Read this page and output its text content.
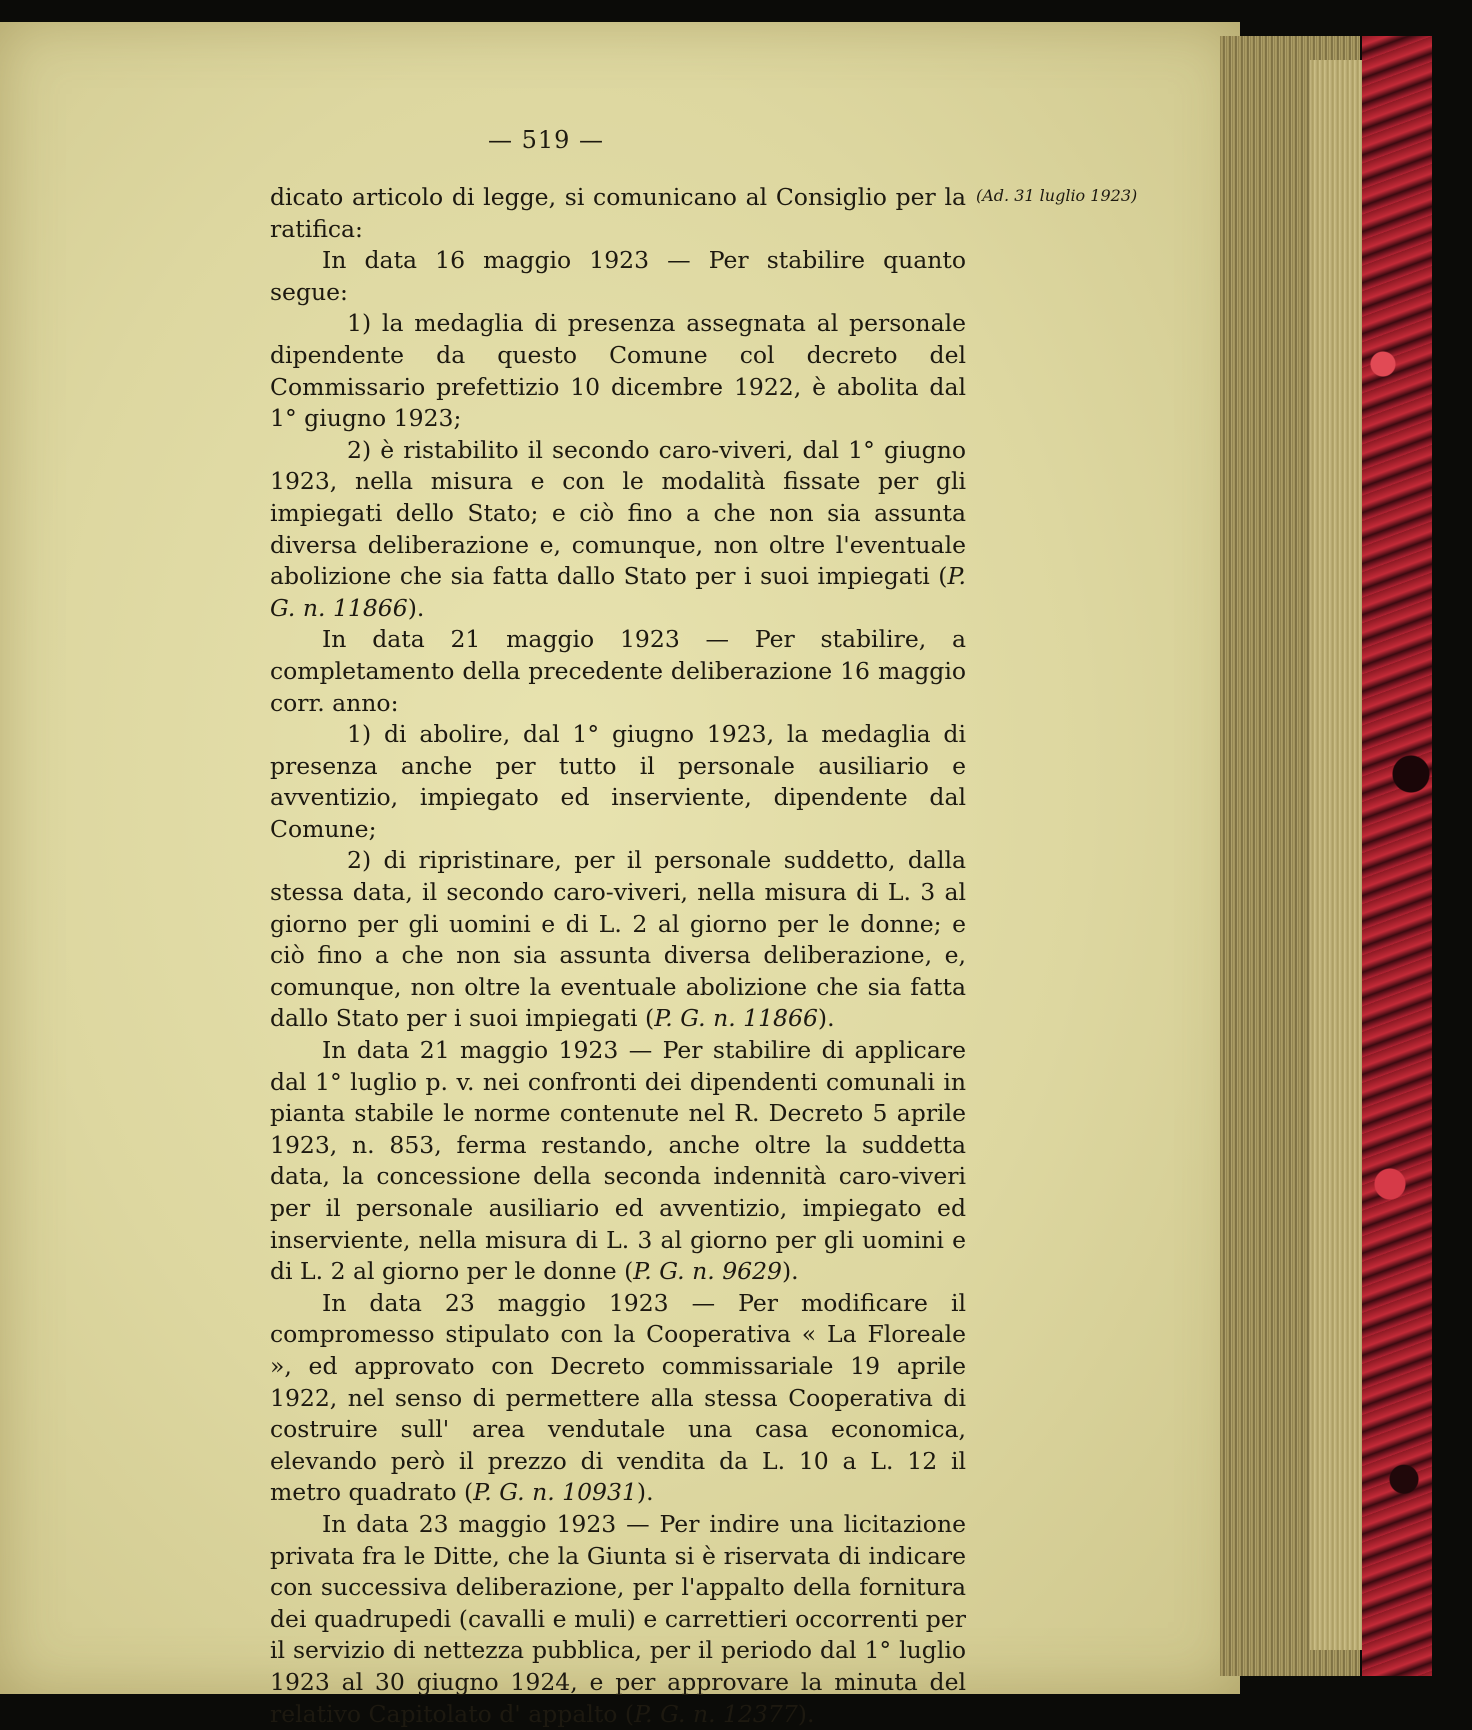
— 519 —
(Ad. 31 luglio 1923)

dicato articolo di legge, si comunicano al Consiglio per la ratifica:

In data 16 maggio 1923 — Per stabilire quanto segue:

1) la medaglia di presenza assegnata al personale dipendente da questo Comune col decreto del Commissario prefettizio 10 dicembre 1922, è abolita dal 1° giugno 1923;

2) è ristabilito il secondo caro-viveri, dal 1° giugno 1923, nella misura e con le modalità fissate per gli impiegati dello Stato; e ciò fino a che non sia assunta diversa deliberazione e, comunque, non oltre l'eventuale abolizione che sia fatta dallo Stato per i suoi impiegati (P. G. n. 11866).

In data 21 maggio 1923 — Per stabilire, a completamento della precedente deliberazione 16 maggio corr. anno:

1) di abolire, dal 1° giugno 1923, la medaglia di presenza anche per tutto il personale ausiliario e avventizio, impiegato ed inserviente, dipendente dal Comune;

2) di ripristinare, per il personale suddetto, dalla stessa data, il secondo caro-viveri, nella misura di L. 3 al giorno per gli uomini e di L. 2 al giorno per le donne; e ciò fino a che non sia assunta diversa deliberazione, e, comunque, non oltre la eventuale abolizione che sia fatta dallo Stato per i suoi impiegati (P. G. n. 11866).

In data 21 maggio 1923 — Per stabilire di applicare dal 1° luglio p. v. nei confronti dei dipendenti comunali in pianta stabile le norme contenute nel R. Decreto 5 aprile 1923, n. 853, ferma restando, anche oltre la suddetta data, la concessione della seconda indennità caro-viveri per il personale ausiliario ed avventizio, impiegato ed inserviente, nella misura di L. 3 al giorno per gli uomini e di L. 2 al giorno per le donne (P. G. n. 9629).

In data 23 maggio 1923 — Per modificare il compromesso stipulato con la Cooperativa « La Floreale », ed approvato con Decreto commissariale 19 aprile 1922, nel senso di permettere alla stessa Cooperativa di costruire sull' area vendutale una casa economica, elevando però il prezzo di vendita da L. 10 a L. 12 il metro quadrato (P. G. n. 10931).

In data 23 maggio 1923 — Per indire una licitazione privata fra le Ditte, che la Giunta si è riservata di indicare con successiva deliberazione, per l'appalto della fornitura dei quadrupedi (cavalli e muli) e carrettieri occorrenti per il servizio di nettezza pubblica, per il periodo dal 1° luglio 1923 al 30 giugno 1924, e per approvare la minuta del relativo Capitolato d' appalto (P. G. n. 12377).
